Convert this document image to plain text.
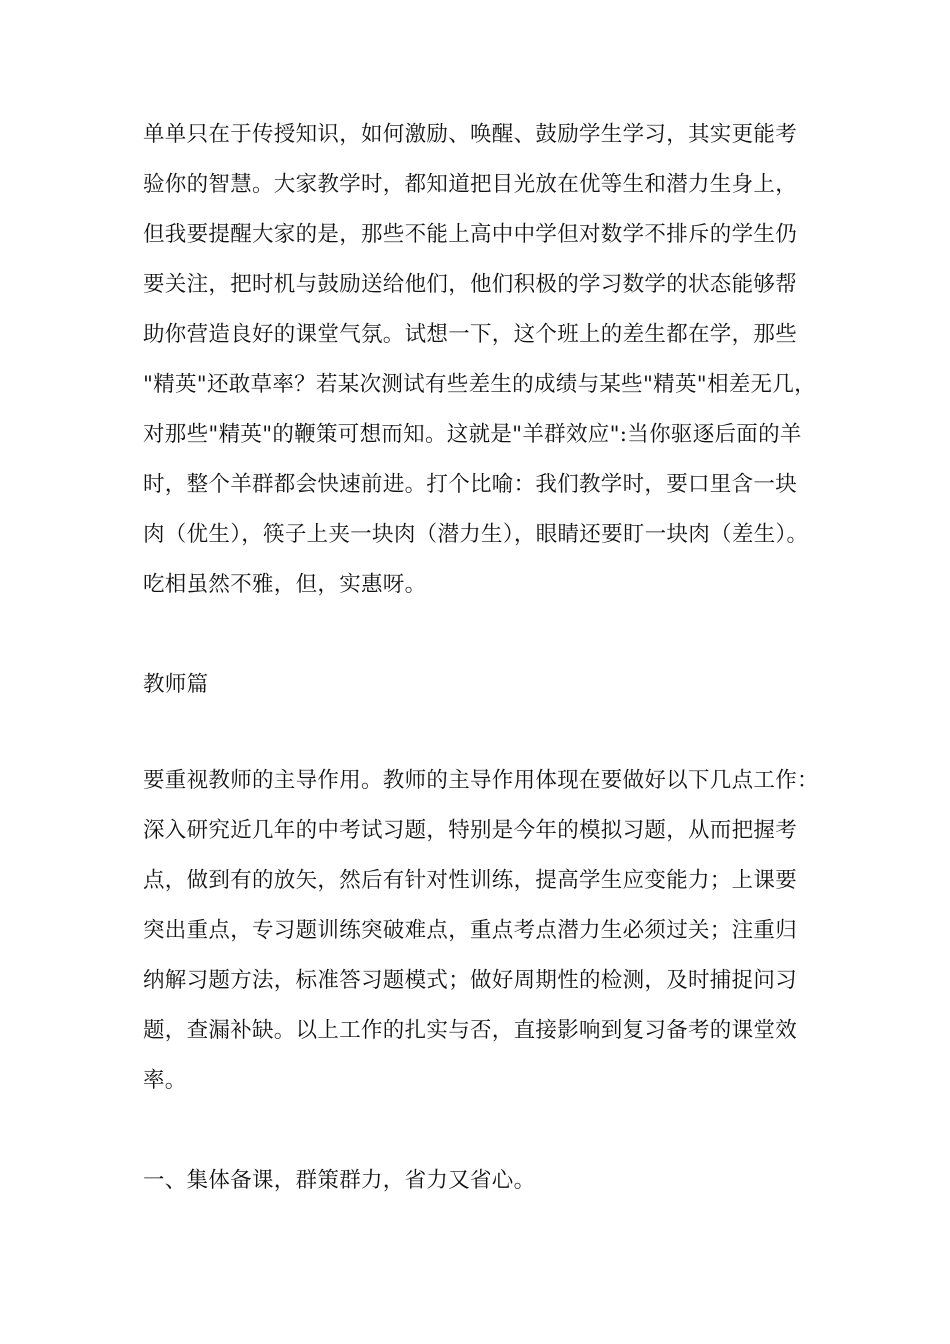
单单只在于传授知识，如何激励、唤醒、鼓励学生学习，其实更能考
验你的智慧。大家教学时，都知道把目光放在优等生和潜力生身上，
但我要提醒大家的是，那些不能上高中中学但对数学不排斥的学生仍
要关注，把时机与鼓励送给他们，他们积极的学习数学的状态能够帮
助你营造良好的课堂气氛。试想一下，这个班上的差生都在学，那些
"精英"还敢草率？若某次测试有些差生的成绩与某些"精英"相差无几，
对那些"精英"的鞭策可想而知。这就是"羊群效应":当你驱逐后面的羊
时，整个羊群都会快速前进。打个比喻：我们教学时，要口里含一块
肉（优生），筷子上夹一块肉（潜力生），眼睛还要盯一块肉（差生）。
吃相虽然不雅，但，实惠呀。
教师篇
要重视教师的主导作用。教师的主导作用体现在要做好以下几点工作：
深入研究近几年的中考试习题，特别是今年的模拟习题，从而把握考
点，做到有的放矢，然后有针对性训练，提高学生应变能力；上课要
突出重点，专习题训练突破难点，重点考点潜力生必须过关；注重归
纳解习题方法，标准答习题模式；做好周期性的检测，及时捕捉问习
题，查漏补缺。以上工作的扎实与否，直接影响到复习备考的课堂效
率。
一、集体备课，群策群力，省力又省心。
